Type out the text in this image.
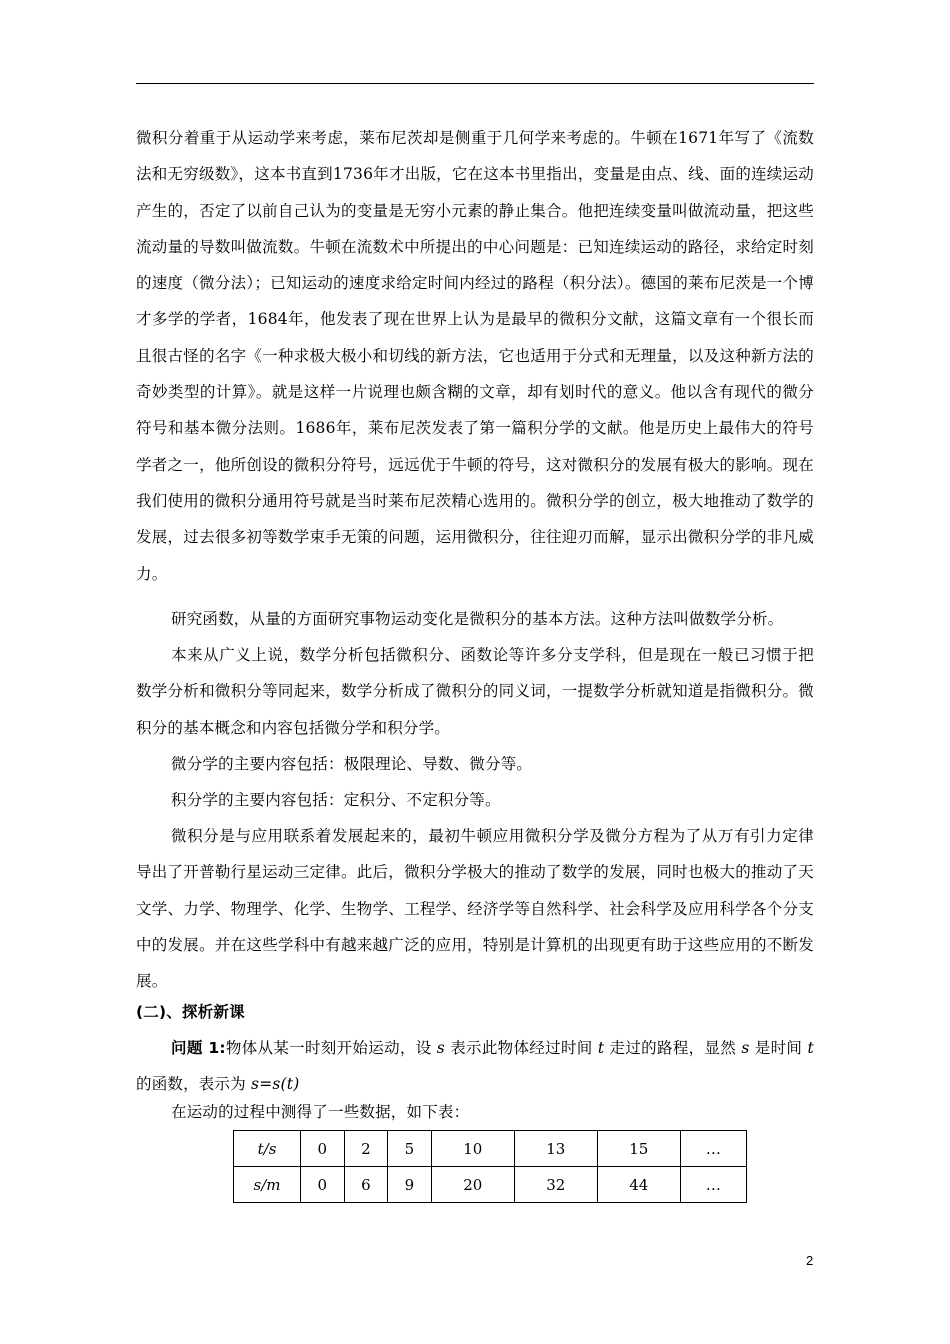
微积分着重于从运动学来考虑，莱布尼茨却是侧重于几何学来考虑的。牛顿在1671年写了《流数法和无穷级数》，这本书直到1736年才出版，它在这本书里指出，变量是由点、线、面的连续运动产生的，否定了以前自己认为的变量是无穷小元素的静止集合。他把连续变量叫做流动量，把这些流动量的导数叫做流数。牛顿在流数术中所提出的中心问题是：已知连续运动的路径，求给定时刻的速度（微分法）；已知运动的速度求给定时间内经过的路程（积分法）。德国的莱布尼茨是一个博才多学的学者，1684年，他发表了现在世界上认为是最早的微积分文献，这篇文章有一个很长而且很古怪的名字《一种求极大极小和切线的新方法，它也适用于分式和无理量，以及这种新方法的奇妙类型的计算》。就是这样一片说理也颇含糊的文章，却有划时代的意义。他以含有现代的微分符号和基本微分法则。1686年，莱布尼茨发表了第一篇积分学的文献。他是历史上最伟大的符号学者之一，他所创设的微积分符号，远远优于牛顿的符号，这对微积分的发展有极大的影响。现在我们使用的微积分通用符号就是当时莱布尼茨精心选用的。微积分学的创立，极大地推动了数学的发展，过去很多初等数学束手无策的问题，运用微积分，往往迎刃而解，显示出微积分学的非凡威力。

研究函数，从量的方面研究事物运动变化是微积分的基本方法。这种方法叫做数学分析。

本来从广义上说，数学分析包括微积分、函数论等许多分支学科，但是现在一般已习惯于把数学分析和微积分等同起来，数学分析成了微积分的同义词，一提数学分析就知道是指微积分。微积分的基本概念和内容包括微分学和积分学。

微分学的主要内容包括：极限理论、导数、微分等。

积分学的主要内容包括：定积分、不定积分等。

微积分是与应用联系着发展起来的，最初牛顿应用微积分学及微分方程为了从万有引力定律导出了开普勒行星运动三定律。此后，微积分学极大的推动了数学的发展，同时也极大的推动了天文学、力学、物理学、化学、生物学、工程学、经济学等自然科学、社会科学及应用科学各个分支中的发展。并在这些学科中有越来越广泛的应用，特别是计算机的出现更有助于这些应用的不断发展。

(二)、探析新课

问题 1:物体从某一时刻开始运动，设 s 表示此物体经过时间 t 走过的路程，显然 s 是时间 t 的函数，表示为 s=s(t)

在运动的过程中测得了一些数据，如下表：

t/s	0	2	5	10	13	15	…
s/m	0	6	9	20	32	44	…
2
